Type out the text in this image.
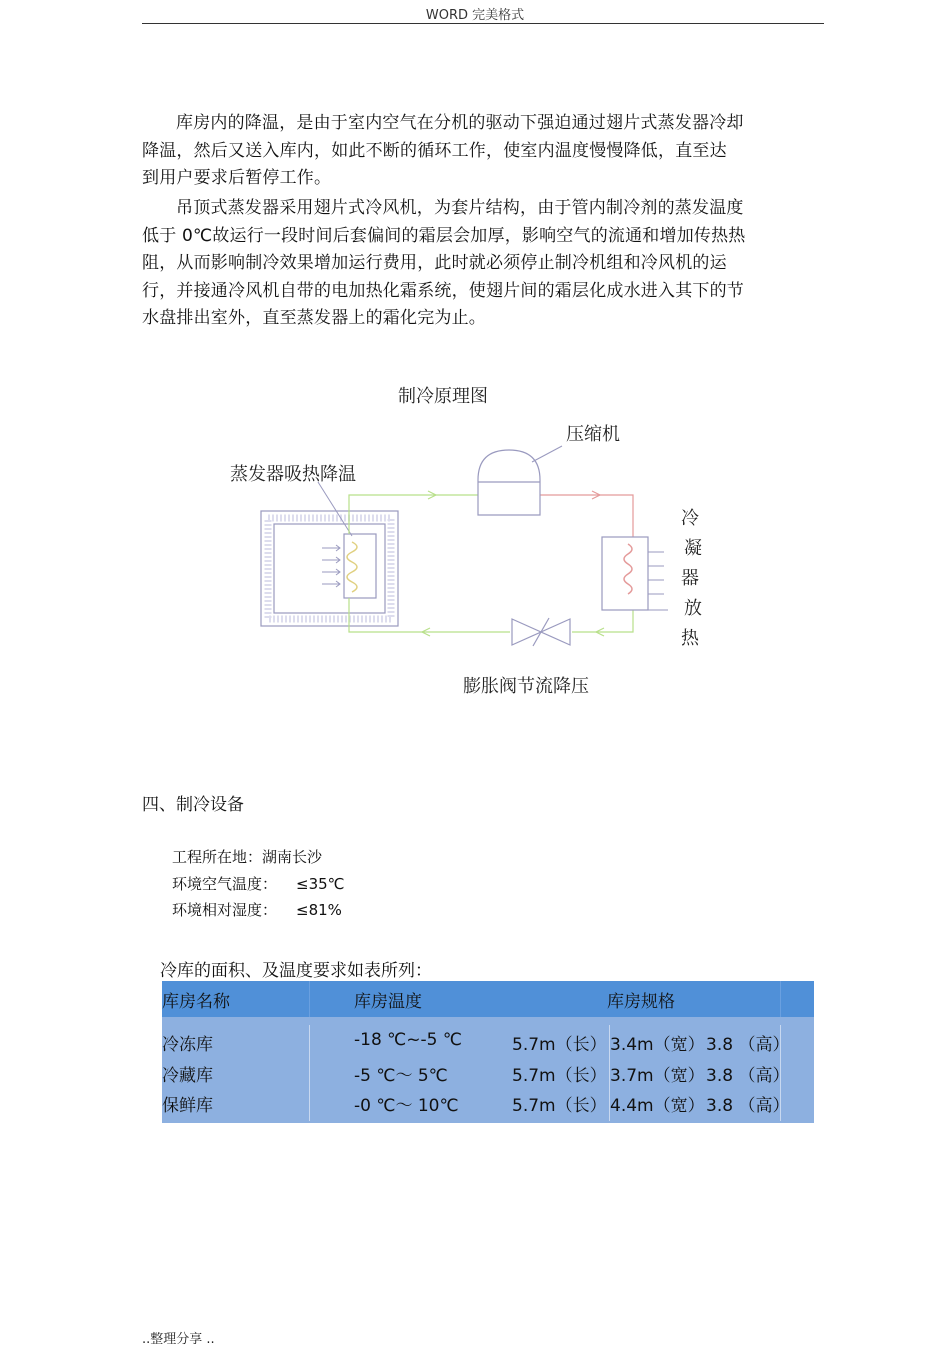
WORD 完美格式
库房内的降温，是由于室内空气在分机的驱动下强迫通过翅片式蒸发器冷却
降温，然后又送入库内，如此不断的循环工作，使室内温度慢慢降低，直至达
到用户要求后暂停工作。
吊顶式蒸发器采用翅片式冷风机，为套片结构，由于管内制冷剂的蒸发温度
低于 0℃故运行一段时间后套偏间的霜层会加厚，影响空气的流通和增加传热热
阻，从而影响制冷效果增加运行费用，此时就必须停止制冷机组和冷风机的运
行，并接通冷风机自带的电加热化霜系统，使翅片间的霜层化成水进入其下的节
水盘排出室外，直至蒸发器上的霜化完为止。
制冷原理图
压缩机
蒸发器吸热降温
冷
凝
器
放
热
膨胀阀节流降压
四、制冷设备
工程所在地：湖南长沙
环境空气温度： ≤35℃
环境相对湿度： ≤81%
冷库的面积、及温度要求如表所列：
库房名称	库房温度	库房规格
冷冻库	-18 ℃~-5 ℃	5.7m（长） 3.4m（宽） 3.8 （高）
冷藏库	-5 ℃～ 5℃	5.7m（长） 3.7m（宽） 3.8 （高）
保鲜库	-0 ℃～ 10℃	5.7m（长） 4.4m（宽） 3.8 （高）
..整理分享 ..
